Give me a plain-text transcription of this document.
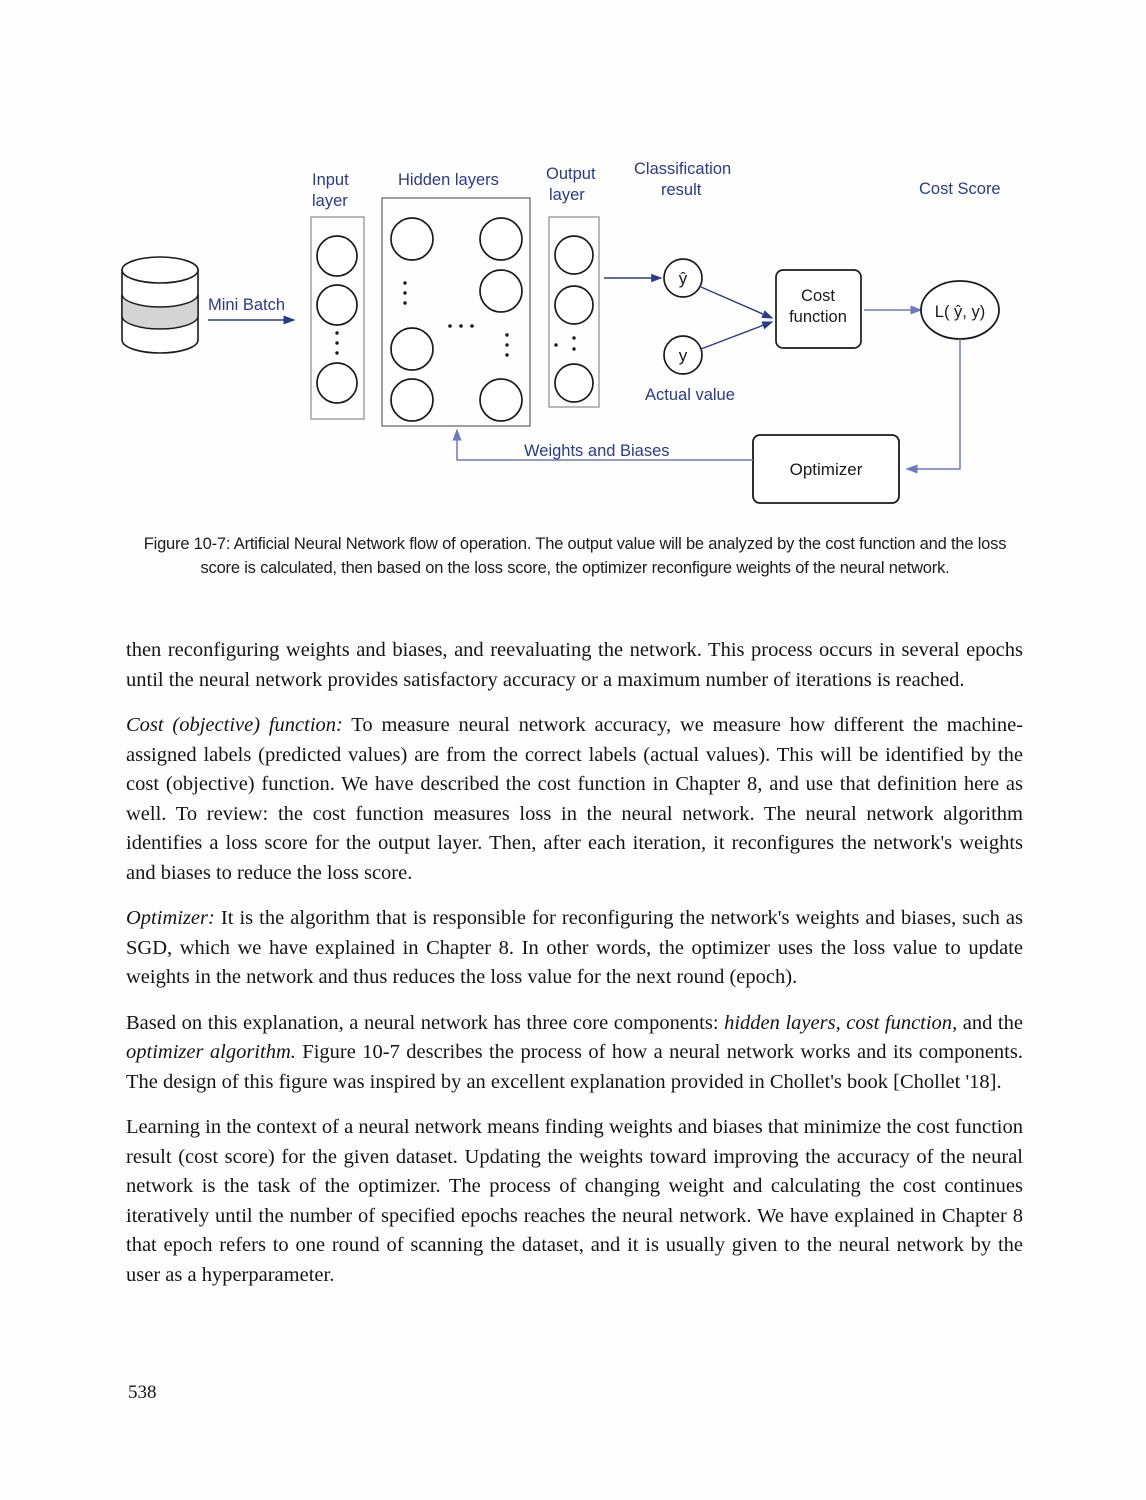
Mini Batch
Input
layer
Hidden layers	Output
layer
Classification
result
ŷ
y
Actual value
Cost
function
Cost Score
L( ŷ, y)
Optimizer
Weights and Biases
Figure 10-7: Artificial Neural Network flow of operation. The output value will be analyzed by the cost function and the loss score is calculated, then based on the loss score, the optimizer reconfigure weights of the neural network.

then reconfiguring weights and biases, and reevaluating the network. This process occurs in several epochs until the neural network provides satisfactory accuracy or a maximum number of iterations is reached.

Cost (objective) function: To measure neural network accuracy, we measure how different the machine-assigned labels (predicted values) are from the correct labels (actual values). This will be identified by the cost (objective) function. We have described the cost function in Chapter 8, and use that definition here as well. To review: the cost function measures loss in the neural network. The neural network algorithm identifies a loss score for the output layer. Then, after each iteration, it reconfigures the network's weights and biases to reduce the loss score.

Optimizer: It is the algorithm that is responsible for reconfiguring the network's weights and biases, such as SGD, which we have explained in Chapter 8. In other words, the optimizer uses the loss value to update weights in the network and thus reduces the loss value for the next round (epoch).

Based on this explanation, a neural network has three core components: hidden layers, cost function, and the optimizer algorithm. Figure 10-7 describes the process of how a neural network works and its components. The design of this figure was inspired by an excellent explanation provided in Chollet's book [Chollet '18].

Learning in the context of a neural network means finding weights and biases that minimize the cost function result (cost score) for the given dataset. Updating the weights toward improving the accuracy of the neural network is the task of the optimizer. The process of changing weight and calculating the cost continues iteratively until the number of specified epochs reaches the neural network. We have explained in Chapter 8 that epoch refers to one round of scanning the dataset, and it is usually given to the neural network by the user as a hyperparameter.

538
